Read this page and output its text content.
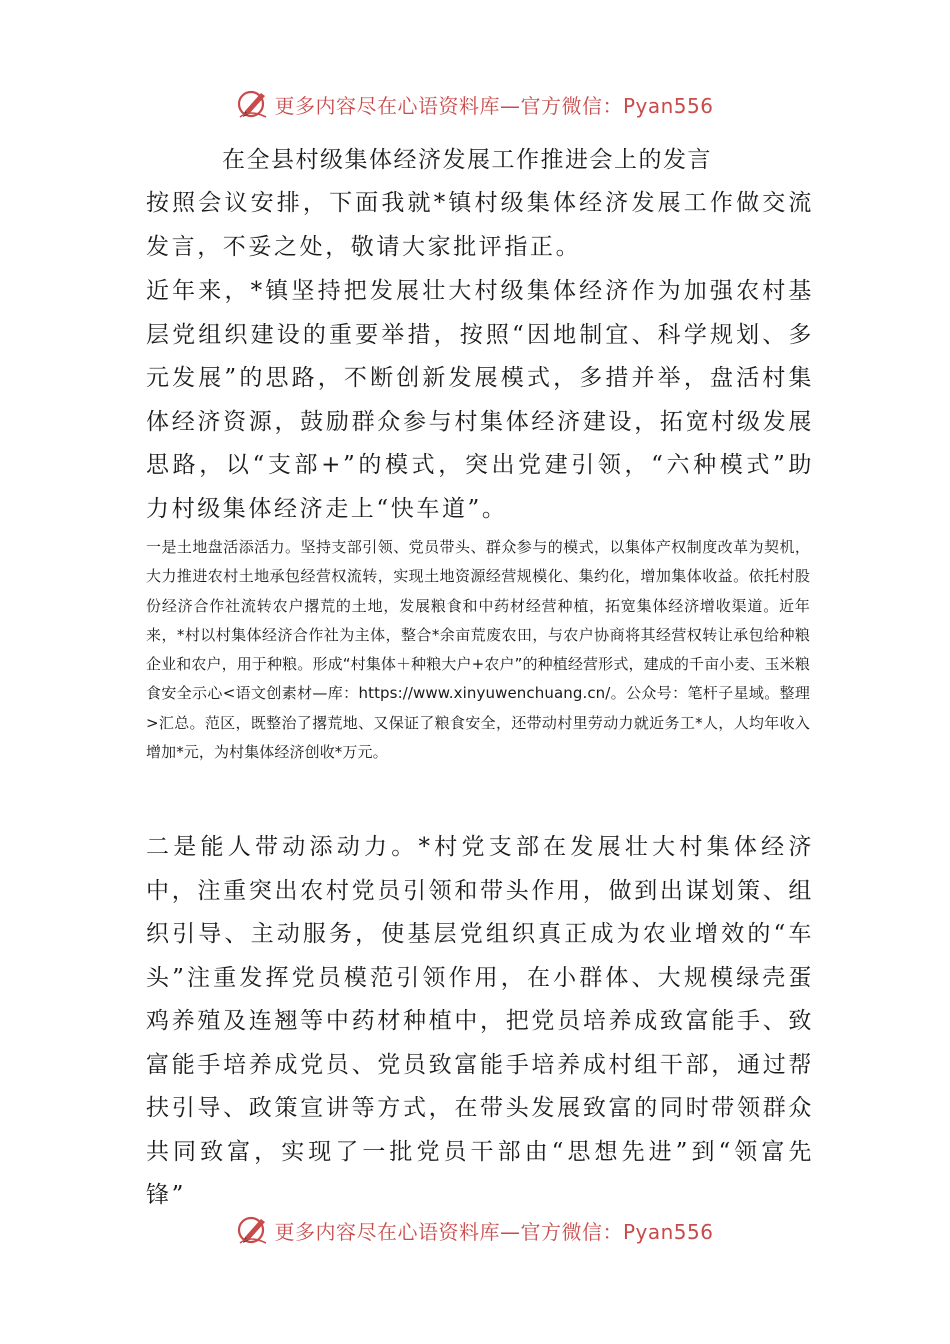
更多内容尽在心语资料库—官方微信：Pyan556
在全县村级集体经济发展工作推进会上的发言

按照会议安排，下面我就*镇村级集体经济发展工作做交流发言，不妥之处，敬请大家批评指正。

近年来，*镇坚持把发展壮大村级集体经济作为加强农村基层党组织建设的重要举措，按照“因地制宜、科学规划、多元发展”的思路，不断创新发展模式，多措并举，盘活村集体经济资源，鼓励群众参与村集体经济建设，拓宽村级发展思路，以“支部+”的模式，突出党建引领，“六种模式”助力村级集体经济走上“快车道”。

一是土地盘活添活力。坚持支部引领、党员带头、群众参与的模式，以集体产权制度改革为契机，大力推进农村土地承包经营权流转，实现土地资源经营规模化、集约化，增加集体收益。依托村股份经济合作社流转农户撂荒的土地，发展粮食和中药材经营种植，拓宽集体经济增收渠道。近年来，*村以村集体经济合作社为主体，整合*余亩荒废农田，与农户协商将其经营权转让承包给种粮企业和农户，用于种粮。形成“村集体＋种粮大户+农户”的种植经营形式，建成的千亩小麦、玉米粮食安全示心<语文创素材—库：https://www.xinyuwenchuang.cn/。公众号：笔杆子星域。整理>汇总。范区，既整治了撂荒地、又保证了粮食安全，还带动村里劳动力就近务工*人，人均年收入增加*元，为村集体经济创收*万元。

二是能人带动添动力。*村党支部在发展壮大村集体经济中，注重突出农村党员引领和带头作用，做到出谋划策、组织引导、主动服务，使基层党组织真正成为农业增效的“车头”注重发挥党员模范引领作用，在小群体、大规模绿壳蛋鸡养殖及连翘等中药材种植中，把党员培养成致富能手、致富能手培养成党员、党员致富能手培养成村组干部，通过帮扶引导、政策宣讲等方式，在带头发展致富的同时带领群众共同致富，实现了一批党员干部由“思想先进”到“领富先锋”

更多内容尽在心语资料库—官方微信：Pyan556
